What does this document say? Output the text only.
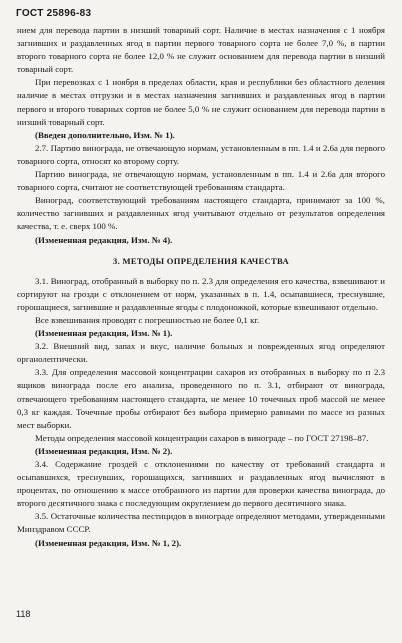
ГОСТ 25896-83

нием для перевода партии в низший товарный сорт. Наличие в местах назначения с 1 ноября загнивших и раздавленных ягод в партии первого товарного сорта не более 7,0 %, в партии второго товарного сорта не более 12,0 % не служит основанием для перевода партии в низший товарный сорт.

При перевозках с 1 ноября в пределах области, края и республики без областного деления наличие в местах отгрузки и в местах назначения загнивших и раздавленных ягод в партии первого и второго товарных сортов не более 5,0 % не служит основанием для перевода партии в низший товарный сорт.

(Введен дополнительно, Изм. № 1).

2.7. Партию винограда, не отвечающую нормам, установленным в пп. 1.4 и 2.6а для первого товарного сорта, относят ко второму сорту.

Партию винограда, не отвечающую нормам, установленным в пп. 1.4 и 2.6а для второго товарного сорта, считают не соответствующей требованиям стандарта.

Виноград, соответствующий требованиям настоящего стандарта, принимают за 100 %, количество загнивших и раздавленных ягод учитывают отдельно от результатов определения качества, т. е. сверх 100 %.

(Измененная редакция, Изм. № 4).

3. МЕТОДЫ ОПРЕДЕЛЕНИЯ КАЧЕСТВА

3.1. Виноград, отобранный в выборку по п. 2.3 для определения его качества, взвешивают и сортируют на грозди с отклонением от норм, указанных в п. 1.4, осыпавшиеся, треснувшие, горошащиеся, загнившие и раздавленные ягоды с плодоножкой, которые взвешивают отдельно.

Все взвешивания проводят с погрешностью не более 0,1 кг.

(Измененная редакция, Изм. № 1).

3.2. Внешний вид, запах и вкус, наличие больных и поврежденных ягод определяют органолептически.

3.3. Для определения массовой концентрации сахаров из отобранных в выборку по п 2.3 ящиков винограда после его анализа, проведенного по п. 3.1, отбирают от винограда, отвечающего требованиям настоящего стандарта, не менее 10 точечных проб массой не менее 0,3 кг каждая. Точечные пробы отбирают без выбора примерно равными по массе из разных мест выборки.

Методы определения массовой концентрации сахаров в винограде – по ГОСТ 27198–87.

(Измененная редакция, Изм. № 2).

3.4. Содержание гроздей с отклонениями по качеству от требований стандарта и осыпавшихся, треснувших, горошащихся, загнивших и раздавленных ягод вычисляют в процентах, по отношению к массе отобранного из партии для проверки качества винограда, до второго десятичного знака с последующим округлением до первого десятичного знака.

3.5. Остаточные количества пестицидов в винограде определяют методами, утвержденными Минздравом СССР.

(Измененная редакция, Изм. № 1, 2).

118
